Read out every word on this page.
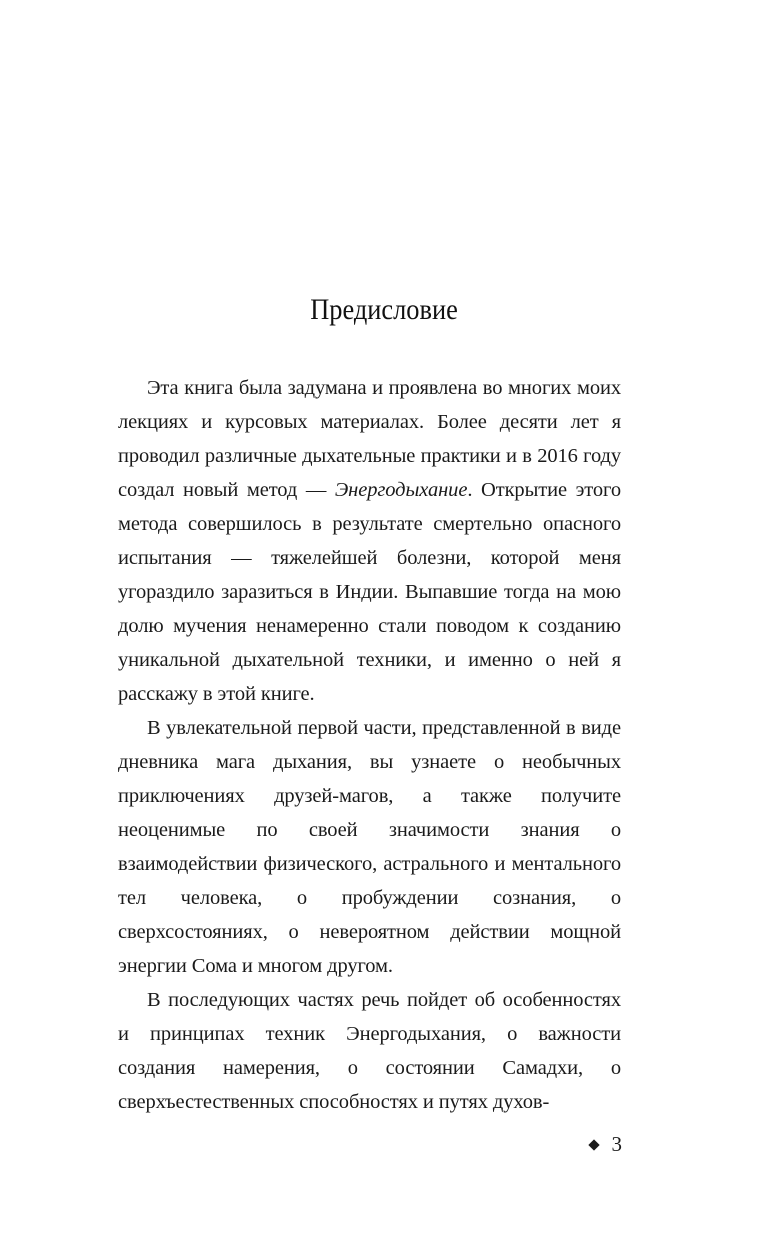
Предисловие

Эта книга была задумана и проявлена во многих моих лекциях и курсовых материалах. Более десяти лет я проводил различные дыхательные практики и в 2016 году создал новый метод — Энергодыхание. Открытие этого метода совершилось в результате смертельно опасного испытания — тяжелейшей болезни, которой меня угораздило заразиться в Индии. Выпавшие тогда на мою долю мучения ненамеренно стали поводом к созданию уникальной дыхательной техники, и именно о ней я расскажу в этой книге.

В увлекательной первой части, представленной в виде дневника мага дыхания, вы узнаете о необычных приключениях друзей-магов, а также получите неоценимые по своей значимости знания о взаимодействии физического, астрального и ментального тел человека, о пробуждении сознания, о сверхсостояниях, о невероятном действии мощной энергии Сома и многом другом.

В последующих частях речь пойдет об особенностях и принципах техник Энергодыхания, о важности создания намерения, о состоянии Самадхи, о сверхъестественных способностях и путях духов-

3
